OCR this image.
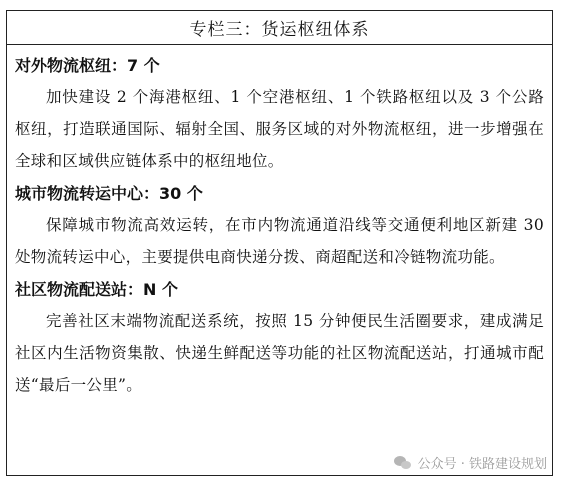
专栏三：货运枢纽体系
对外物流枢纽：7 个

加快建设 2 个海港枢纽、1 个空港枢纽、1 个铁路枢纽以及 3 个公路枢纽，打造联通国际、辐射全国、服务区域的对外物流枢纽，进一步增强在全球和区域供应链体系中的枢纽地位。

城市物流转运中心：30 个

保障城市物流高效运转，在市内物流通道沿线等交通便利地区新建 30 处物流转运中心，主要提供电商快递分拨、商超配送和冷链物流功能。

社区物流配送站：N 个

完善社区末端物流配送系统，按照 15 分钟便民生活圈要求，建成满足社区内生活物资集散、快递生鲜配送等功能的社区物流配送站，打通城市配送“最后一公里”。

公众号 · 铁路建设规划
